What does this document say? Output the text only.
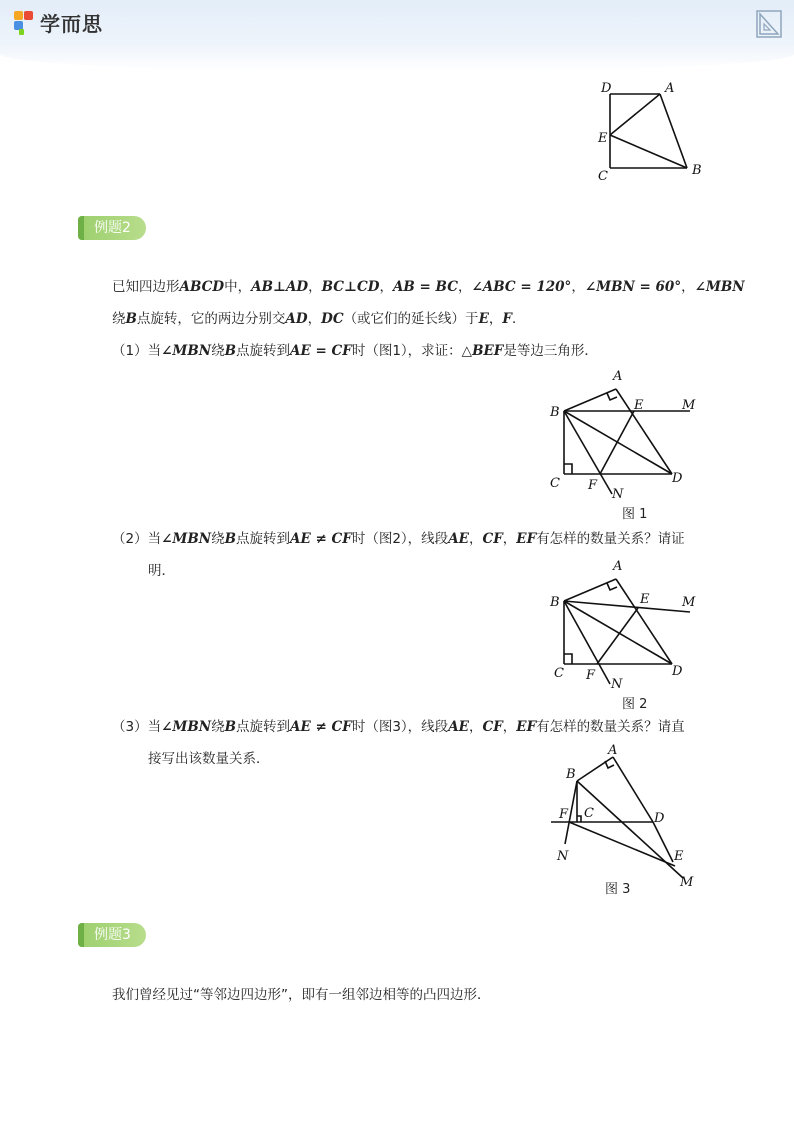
学而思
D	A
E
C	B
例题2
已知四边形ABCD中，AB⊥AD，BC⊥CD，AB = BC，∠ABC = 120°，∠MBN = 60°，∠MBN
绕B点旋转，它的两边分别交AD，DC（或它们的延长线）于E，F．
（1）当∠MBN绕B点旋转到AE = CF时（图1），求证：△BEF是等边三角形．
A
B	E	M
C F
N
D
图 1
（2）当∠MBN绕B点旋转到AE ≠ CF时（图2），线段AE，CF，EF有怎样的数量关系？请证
明．	A
B	E	M
C F
N
D
图 2
（3）当∠MBN绕B点旋转到AE ≠ CF时（图3），线段AE，CF，EF有怎样的数量关系？请直
接写出该数量关系．
A
B
F C	D
N	E
M
图 3
例题3
我们曾经见过“等邻边四边形”，即有一组邻边相等的凸四边形．
